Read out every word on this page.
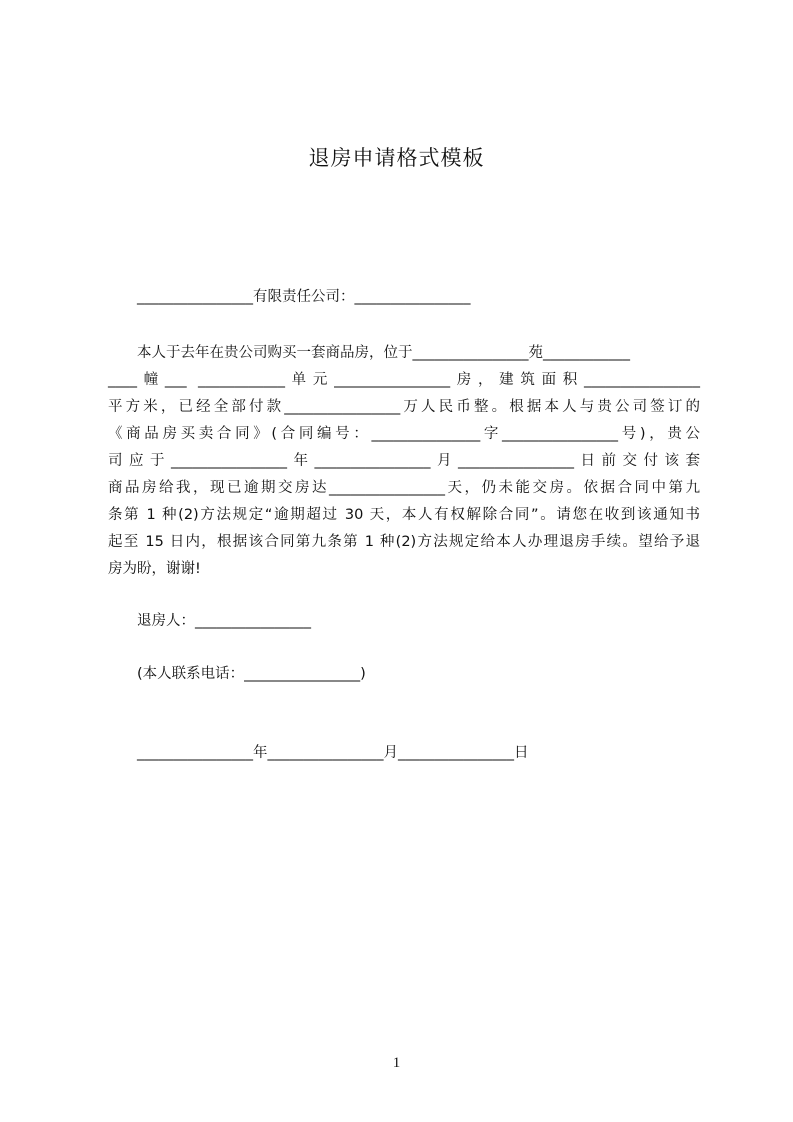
退房申请格式模板
________________有限责任公司：________________
本人于去年在贵公司购买一套商品房，位于________________苑____________
____幢___ ____________单元________________房，建筑面积________________
平方米，已经全部付款________________万人民币整。根据本人与贵公司签订的
《商品房买卖合同》(合同编号：_______________字________________号)，贵公
司应于________________年________________月________________日前交付该套
商品房给我，现已逾期交房达________________天，仍未能交房。依据合同中第九
条第 1 种(2)方法规定“逾期超过 30 天，本人有权解除合同”。请您在收到该通知书
起至 15 日内，根据该合同第九条第 1 种(2)方法规定给本人办理退房手续。望给予退
房为盼，谢谢!
退房人：________________
(本人联系电话：________________)
________________年________________月________________日
1
